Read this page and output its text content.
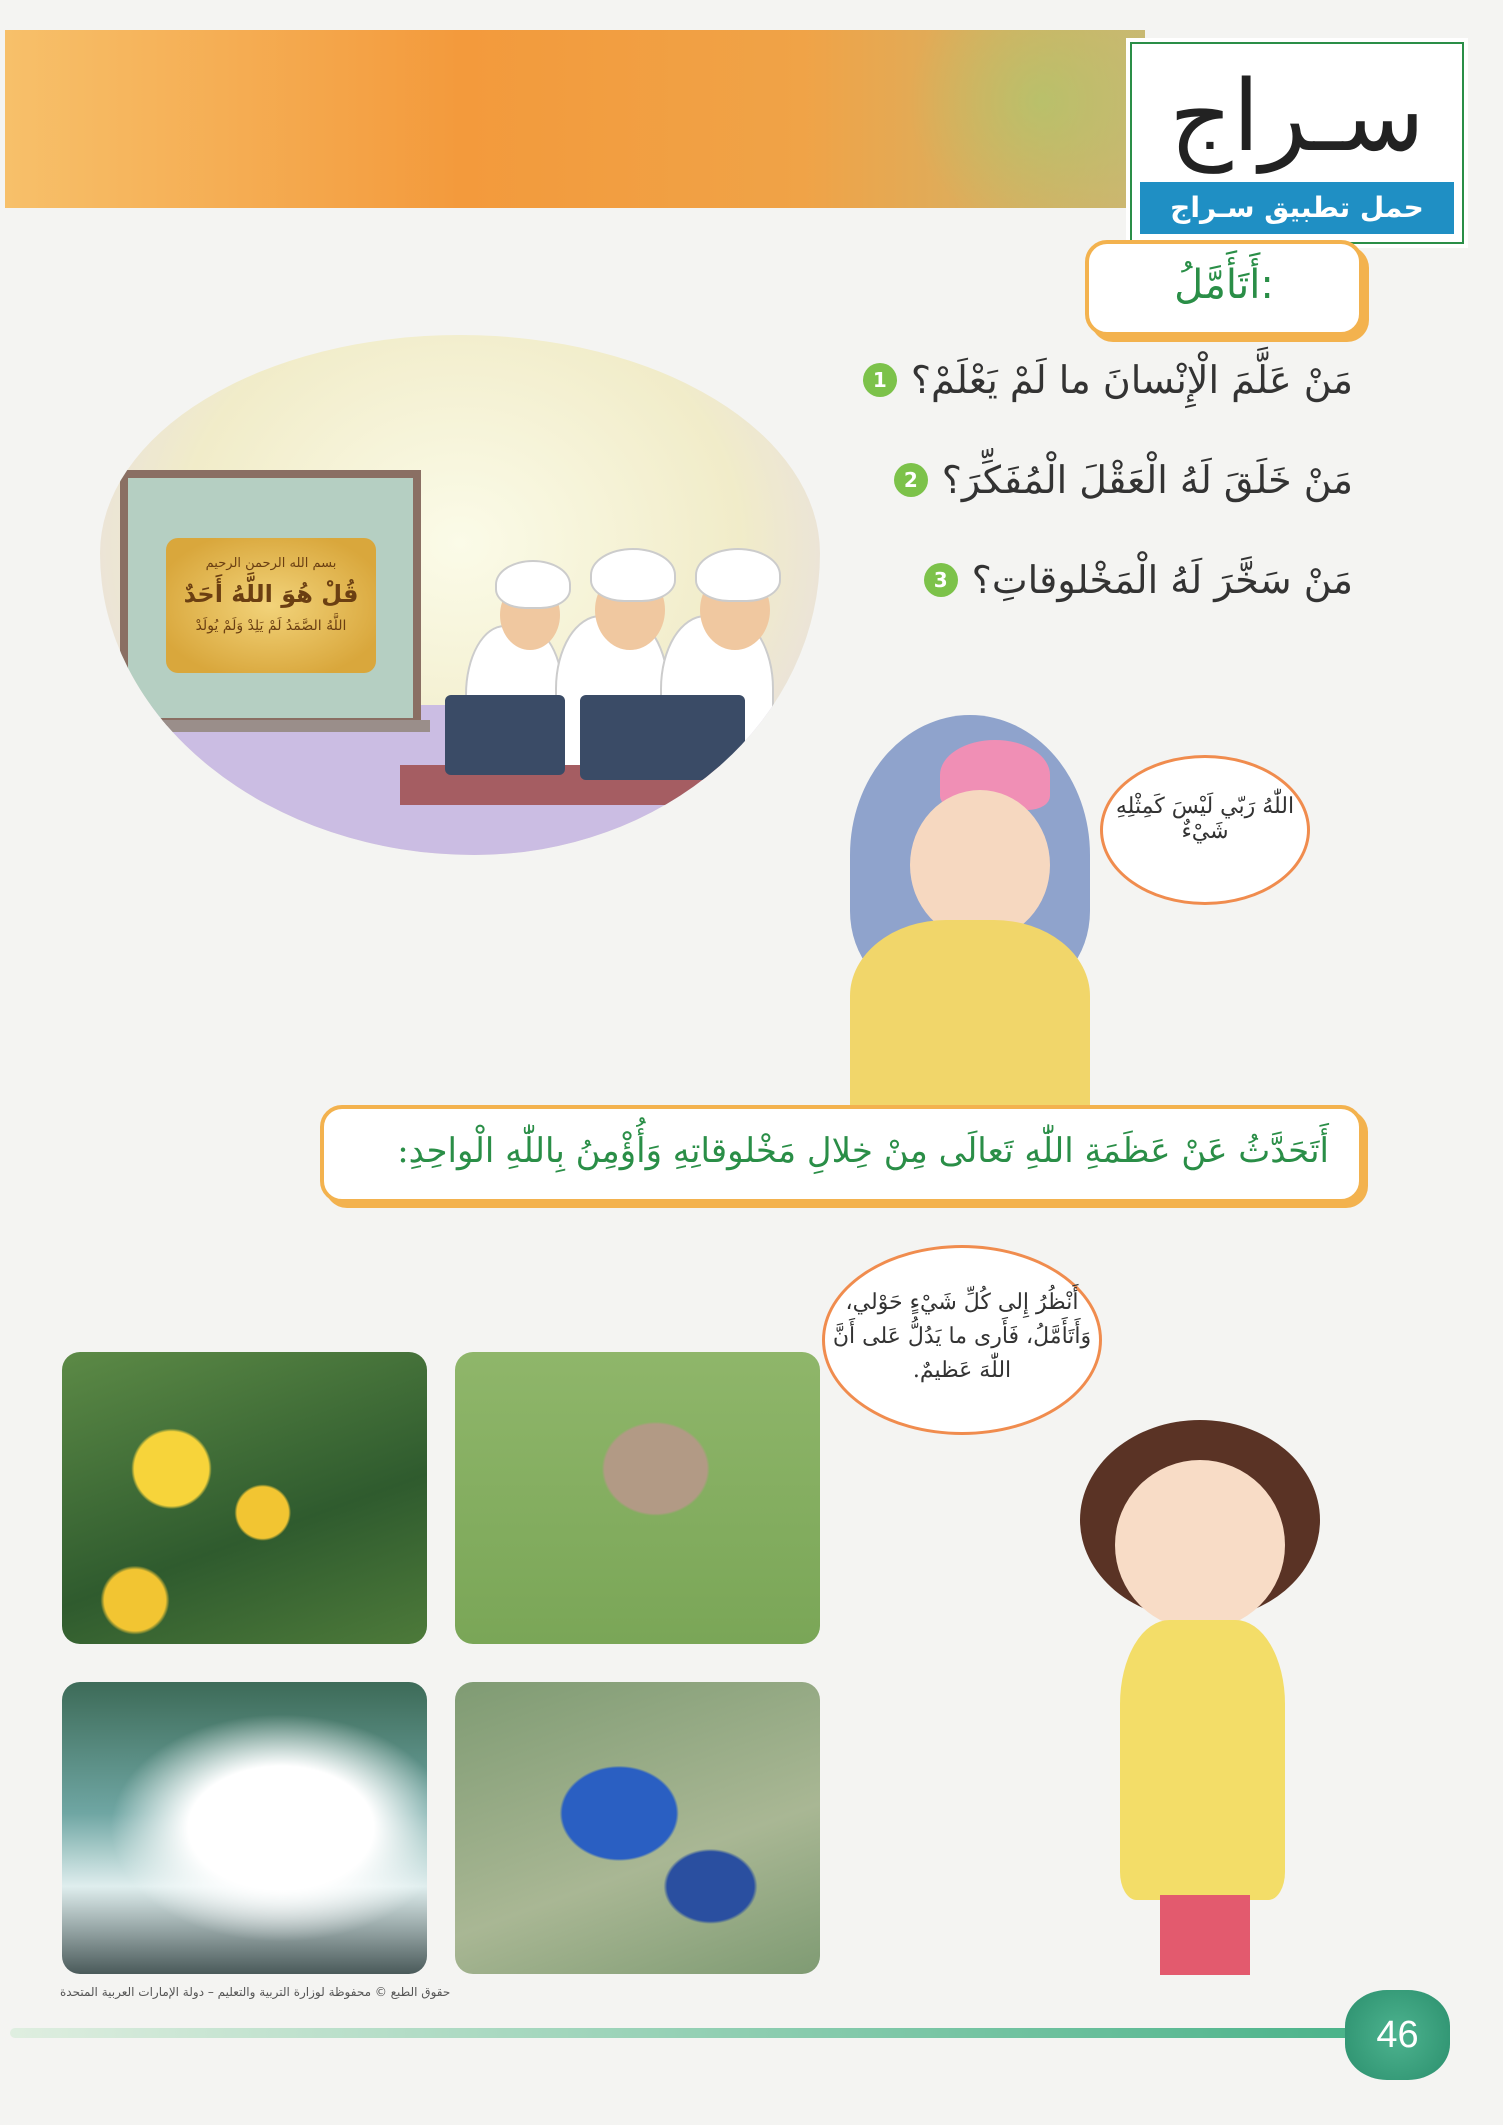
سـراج
حمل تطبيق سـراج
أَتَأَمَّلُ:
1 مَنْ عَلَّمَ الْإِنْسانَ ما لَمْ يَعْلَمْ؟
2 مَنْ خَلَقَ لَهُ الْعَقْلَ الْمُفَكِّرَ؟
3 مَنْ سَخَّرَ لَهُ الْمَخْلوقاتِ؟
بسم الله الرحمن الرحيم
قُلْ هُوَ اللَّهُ أَحَدٌ
اللَّهُ الصَّمَدُ لَمْ يَلِدْ وَلَمْ يُولَدْ
اللّٰهُ رَبّي لَيْسَ كَمِثْلِهِ شَيْءٌ
أَتَحَدَّثُ عَنْ عَظَمَةِ اللّٰهِ تَعالَى مِنْ خِلالِ مَخْلوقاتِهِ وَأُؤْمِنُ بِاللّٰهِ الْواحِدِ:
أَنْظُرُ إِلى كُلِّ شَيْءٍ حَوْلي، وَأَتَأَمَّلُ، فَأَرى ما يَدُلُّ عَلى أَنَّ اللّٰهَ عَظيمٌ.
حقوق الطبع © محفوظة لوزارة التربية والتعليم – دولة الإمارات العربية المتحدة
46
